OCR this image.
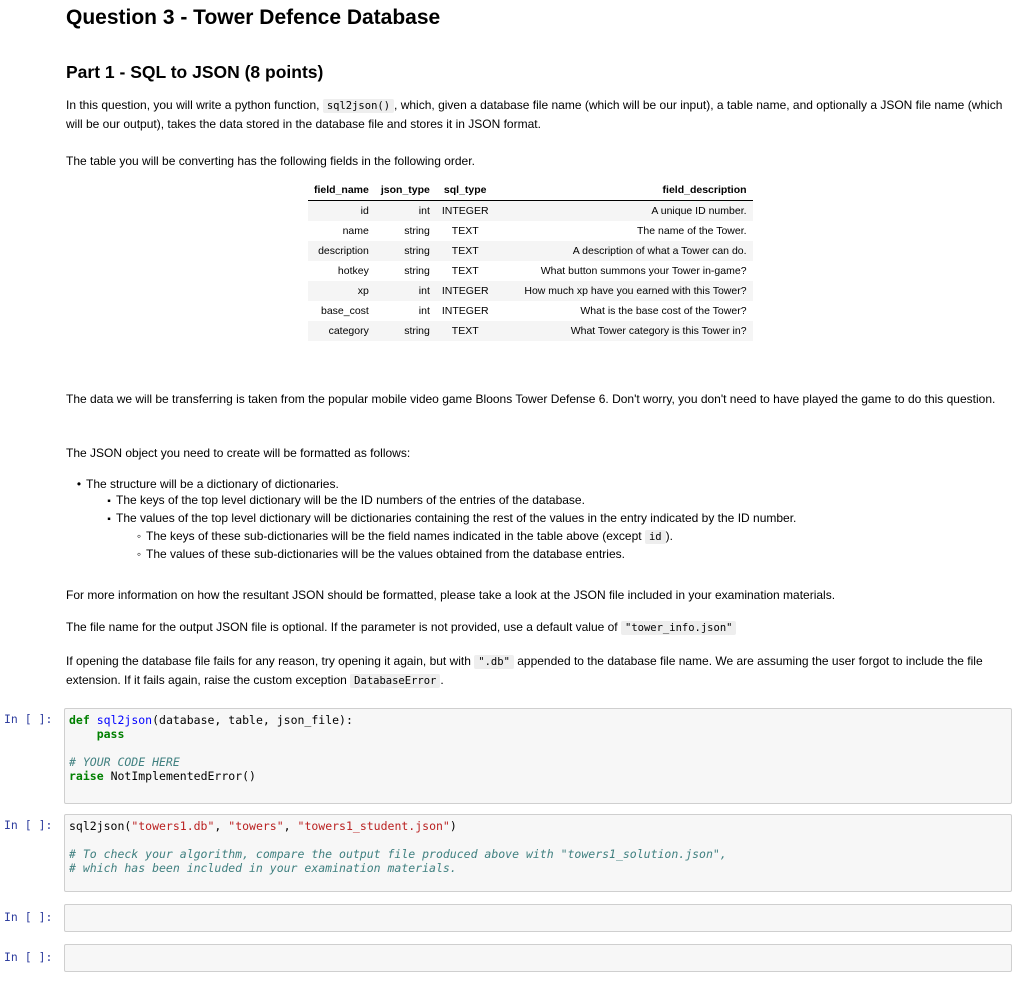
Question 3 - Tower Defence Database
Part 1 - SQL to JSON (8 points)

In this question, you will write a python function, sql2json() , which, given a database file name (which will be our input), a table name, and optionally a JSON file name (which will be our output), takes the data stored in the database file and stores it in JSON format.

The table you will be converting has the following fields in the following order.

field_name	json_type	sql_type	field_description
id	int	INTEGER	A unique ID number.
name	string	TEXT	The name of the Tower.
description	string	TEXT	A description of what a Tower can do.
hotkey	string	TEXT	What button summons your Tower in-game?
xp	int	INTEGER	How much xp have you earned with this Tower?
base_cost	int	INTEGER	What is the base cost of the Tower?
category	string	TEXT	What Tower category is this Tower in?

The data we will be transferring is taken from the popular mobile video game Bloons Tower Defense 6. Don't worry, you don't need to have played the game to do this question.

The JSON object you need to create will be formatted as follows:

• The structure will be a dictionary of dictionaries.
▪ The keys of the top level dictionary will be the ID numbers of the entries of the database.
▪ The values of the top level dictionary will be dictionaries containing the rest of the values in the entry indicated by the ID number.
◦ The keys of these sub-dictionaries will be the field names indicated in the table above (except id ).
◦ The values of these sub-dictionaries will be the values obtained from the database entries.

For more information on how the resultant JSON should be formatted, please take a look at the JSON file included in your examination materials.

The file name for the output JSON file is optional. If the parameter is not provided, use a default value of "tower_info.json"

If opening the database file fails for any reason, try opening it again, but with ".db" appended to the database file name. We are assuming the user forgot to include the file extension. If it fails again, raise the custom exception DatabaseError .

In [ ]:	def sql2json(database, table, json_file):
pass

# YOUR CODE HERE
raise NotImplementedError()
In [ ]:	sql2json("towers1.db", "towers", "towers1_student.json")

# To check your algorithm, compare the output file produced above with "towers1_solution.json",
# which has been included in your examination materials.
In [ ]:
In [ ]:
